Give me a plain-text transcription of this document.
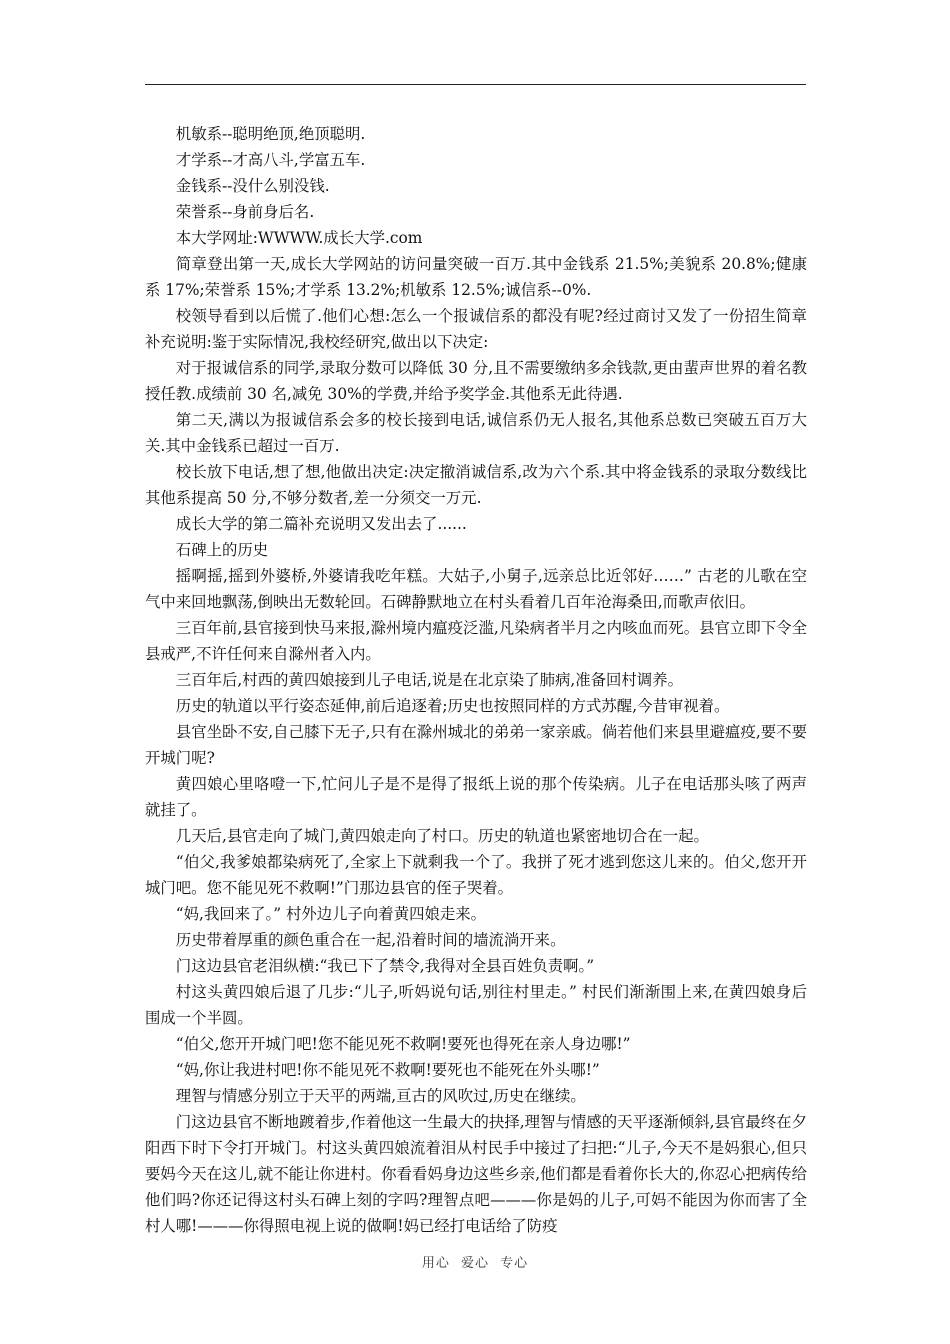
机敏系--聪明绝顶,绝顶聪明.

才学系--才高八斗,学富五车.

金钱系--没什么别没钱.

荣誉系--身前身后名.

本大学网址:WWWW.成长大学.com

简章登出第一天,成长大学网站的访问量突破一百万.其中金钱系 21.5%;美貌系 20.8%;健康系 17%;荣誉系 15%;才学系 13.2%;机敏系 12.5%;诚信系--0%.

校领导看到以后慌了.他们心想:怎么一个报诚信系的都没有呢?经过商讨又发了一份招生简章补充说明:鉴于实际情况,我校经研究,做出以下决定:

对于报诚信系的同学,录取分数可以降低 30 分,且不需要缴纳多余钱款,更由蜚声世界的着名教授任教.成绩前 30 名,减免 30%的学费,并给予奖学金.其他系无此待遇.

第二天,满以为报诚信系会多的校长接到电话,诚信系仍无人报名,其他系总数已突破五百万大关.其中金钱系已超过一百万.

校长放下电话,想了想,他做出决定:决定撤消诚信系,改为六个系.其中将金钱系的录取分数线比其他系提高 50 分,不够分数者,差一分须交一万元.

成长大学的第二篇补充说明又发出去了......

石碑上的历史

摇啊摇,摇到外婆桥,外婆请我吃年糕。大姑子,小舅子,远亲总比近邻好……” 古老的儿歌在空气中来回地飘荡,倒映出无数轮回。石碑静默地立在村头看着几百年沧海桑田,而歌声依旧。

三百年前,县官接到快马来报,滁州境内瘟疫泛滥,凡染病者半月之内咳血而死。县官立即下令全县戒严,不许任何来自滁州者入内。

三百年后,村西的黄四娘接到儿子电话,说是在北京染了肺病,准备回村调养。

历史的轨道以平行姿态延伸,前后追逐着;历史也按照同样的方式苏醒,今昔审视着。

县官坐卧不安,自己膝下无子,只有在滁州城北的弟弟一家亲戚。倘若他们来县里避瘟疫,要不要开城门呢?

黄四娘心里咯噔一下,忙问儿子是不是得了报纸上说的那个传染病。儿子在电话那头咳了两声就挂了。

几天后,县官走向了城门,黄四娘走向了村口。历史的轨道也紧密地切合在一起。

“伯父,我爹娘都染病死了,全家上下就剩我一个了。我拼了死才逃到您这儿来的。伯父,您开开城门吧。您不能见死不救啊!”门那边县官的侄子哭着。

“妈,我回来了。” 村外边儿子向着黄四娘走来。

历史带着厚重的颜色重合在一起,沿着时间的墙流淌开来。

门这边县官老泪纵横:“我已下了禁令,我得对全县百姓负责啊。”

村这头黄四娘后退了几步:“儿子,听妈说句话,别往村里走。” 村民们渐渐围上来,在黄四娘身后围成一个半圆。

“伯父,您开开城门吧!您不能见死不救啊!要死也得死在亲人身边哪!”

“妈,你让我进村吧!你不能见死不救啊!要死也不能死在外头哪!”

理智与情感分别立于天平的两端,亘古的风吹过,历史在继续。

门这边县官不断地踱着步,作着他这一生最大的抉择,理智与情感的天平逐渐倾斜,县官最终在夕阳西下时下令打开城门。村这头黄四娘流着泪从村民手中接过了扫把:“儿子,今天不是妈狠心,但只要妈今天在这儿,就不能让你进村。你看看妈身边这些乡亲,他们都是看着你长大的,你忍心把病传给他们吗?你还记得这村头石碑上刻的字吗?理智点吧———你是妈的儿子,可妈不能因为你而害了全村人哪!———你得照电视上说的做啊!妈已经打电话给了防疫

用心 爱心 专心
